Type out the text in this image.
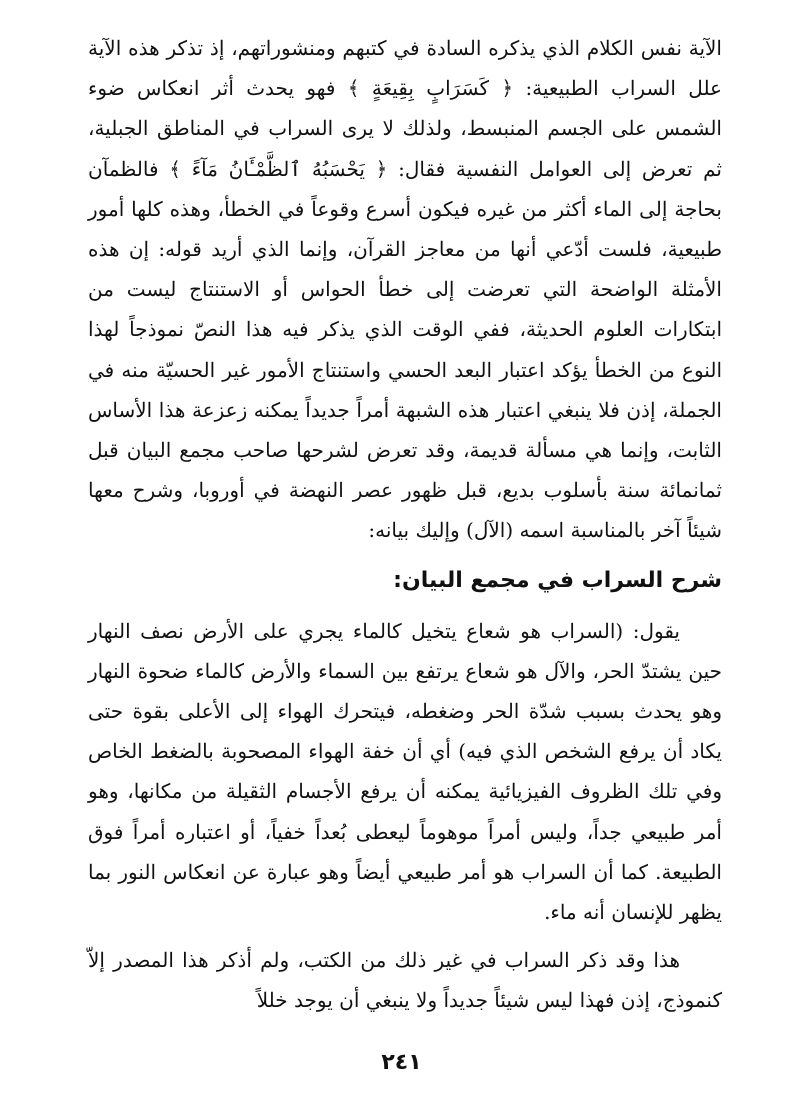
الآية نفس الكلام الذي يذكره السادة في كتبهم ومنشوراتهم، إذ تذكر هذه الآية علل السراب الطبيعية: ﴿ كَسَرَابٍ بِقِيعَةٍ ﴾ فهو يحدث أثر انعكاس ضوء الشمس على الجسم المنبسط، ولذلك لا يرى السراب في المناطق الجبلية، ثم تعرض إلى العوامل النفسية فقال: ﴿ يَحْسَبُهُ ٱلظَّمْـَٔانُ مَآءً ﴾ فالظمآن بحاجة إلى الماء أكثر من غيره فيكون أسرع وقوعاً في الخطأ، وهذه كلها أمور طبيعية، فلست أدّعي أنها من معاجز القرآن، وإنما الذي أريد قوله: إن هذه الأمثلة الواضحة التي تعرضت إلى خطأ الحواس أو الاستنتاج ليست من ابتكارات العلوم الحديثة، ففي الوقت الذي يذكر فيه هذا النصّ نموذجاً لهذا النوع من الخطأ يؤكد اعتبار البعد الحسي واستنتاج الأمور غير الحسيّة منه في الجملة، إذن فلا ينبغي اعتبار هذه الشبهة أمراً جديداً يمكنه زعزعة هذا الأساس الثابت، وإنما هي مسألة قديمة، وقد تعرض لشرحها صاحب مجمع البيان قبل ثمانمائة سنة بأسلوب بديع، قبل ظهور عصر النهضة في أوروبا، وشرح معها شيئاً آخر بالمناسبة اسمه (الآل) وإليك بيانه:

شرح السراب في مجمع البيان:

يقول: (السراب هو شعاع يتخيل كالماء يجري على الأرض نصف النهار حين يشتدّ الحر، والآل هو شعاع يرتفع بين السماء والأرض كالماء ضحوة النهار وهو يحدث بسبب شدّة الحر وضغطه، فيتحرك الهواء إلى الأعلى بقوة حتى يكاد أن يرفع الشخص الذي فيه) أي أن خفة الهواء المصحوبة بالضغط الخاص وفي تلك الظروف الفيزيائية يمكنه أن يرفع الأجسام الثقيلة من مكانها، وهو أمر طبيعي جداً، وليس أمراً موهوماً ليعطى بُعداً خفياً، أو اعتباره أمراً فوق الطبيعة. كما أن السراب هو أمر طبيعي أيضاً وهو عبارة عن انعكاس النور بما يظهر للإنسان أنه ماء.

هذا وقد ذكر السراب في غير ذلك من الكتب، ولم أذكر هذا المصدر إلاّ كنموذج، إذن فهذا ليس شيئاً جديداً ولا ينبغي أن يوجد خللاً

٢٤١
